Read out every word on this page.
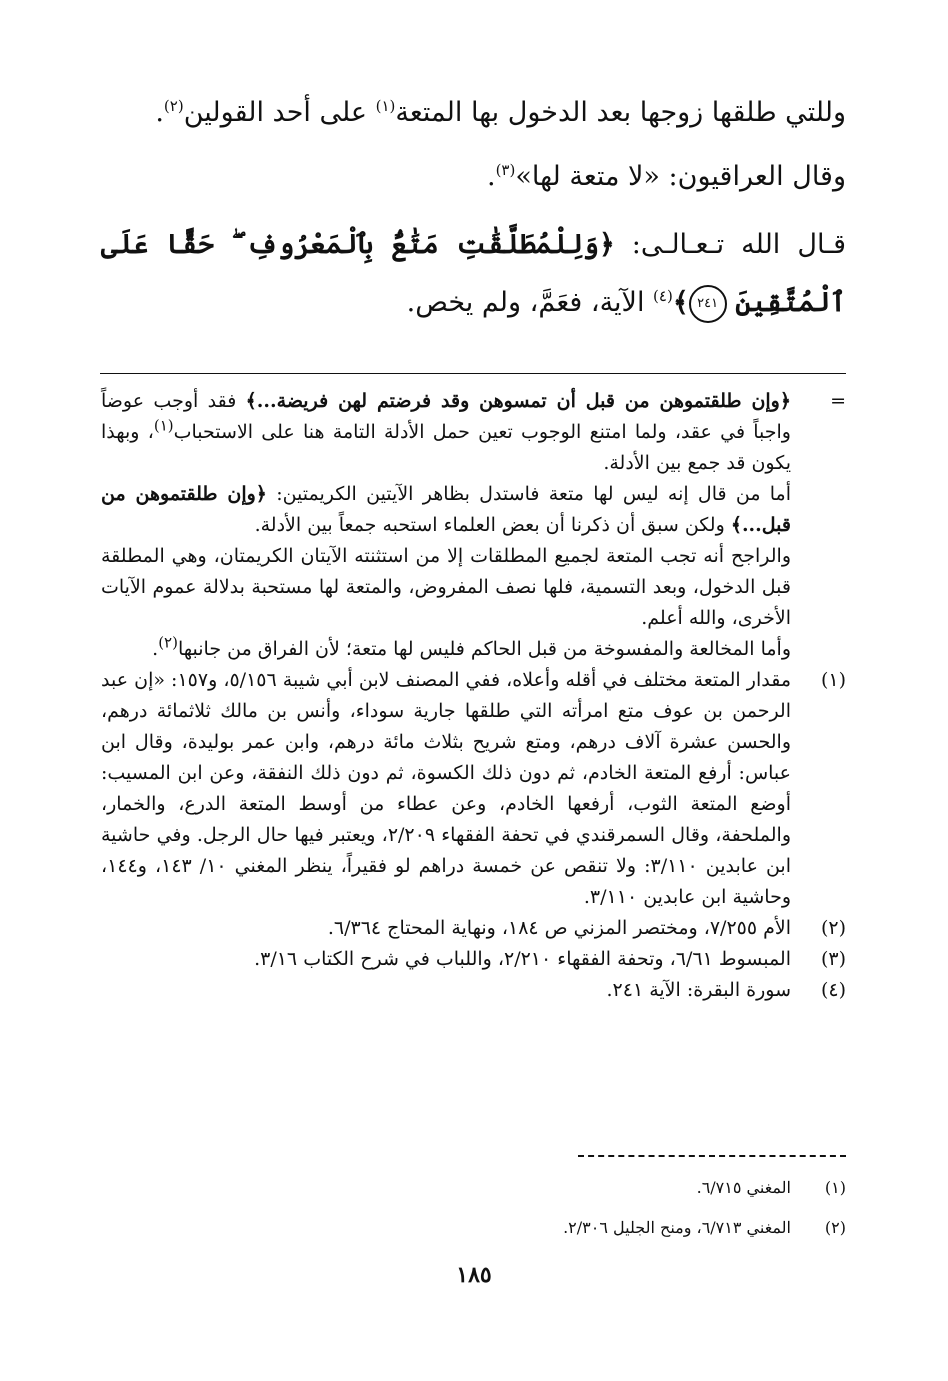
وللتي طلقها زوجها بعد الدخول بها المتعة$^{(١)}$ على أحد القولين$^{(٢)}$.

وقال العراقيون: «لا متعة لها»$^{(٣)}$.

قـال الله تـعـالـى: ﴿وَلِلْمُطَلَّقَٰتِ مَتَٰعٌۢ بِٱلْمَعْرُوفِ ۖ حَقًّا عَلَى ٱلْمُتَّقِينَ ٢٤١﴾$^{(٤)}$ الآية، فعَمَّ، ولم يخص.

=
﴿وإن طلقتموهن من قبل أن تمسوهن وقد فرضتم لهن فريضة...﴾ فقد أوجب عوضاً واجباً في عقد، ولما امتنع الوجوب تعين حمل الأدلة التامة هنا على الاستحباب$^{(١)}$، وبهذا يكون قد جمع بين الأدلة.
أما من قال إنه ليس لها متعة فاستدل بظاهر الآيتين الكريمتين: ﴿وإن طلقتموهن من قبل...﴾ ولكن سبق أن ذكرنا أن بعض العلماء استحبه جمعاً بين الأدلة.
والراجح أنه تجب المتعة لجميع المطلقات إلا من استثنته الآيتان الكريمتان، وهي المطلقة قبل الدخول، وبعد التسمية، فلها نصف المفروض، والمتعة لها مستحبة بدلالة عموم الآيات الأخرى، والله أعلم.
وأما المخالعة والمفسوخة من قبل الحاكم فليس لها متعة؛ لأن الفراق من جانبها$^{(٢)}$.
(١)
مقدار المتعة مختلف في أقله وأعلاه، ففي المصنف لابن أبي شيبة ٥/١٥٦، و١٥٧: «إن عبد الرحمن بن عوف متع امرأته التي طلقها جارية سوداء، وأنس بن مالك ثلاثمائة درهم، والحسن عشرة آلاف درهم، ومتع شريح بثلاث مائة درهم، وابن عمر بوليدة، وقال ابن عباس: أرفع المتعة الخادم، ثم دون ذلك الكسوة، ثم دون ذلك النفقة، وعن ابن المسيب: أوضع المتعة الثوب، أرفعها الخادم، وعن عطاء من أوسط المتعة الدرع، والخمار، والملحفة، وقال السمرقندي في تحفة الفقهاء ٢/٢٠٩، ويعتبر فيها حال الرجل. وفي حاشية ابن عابدين ٣/١١٠: ولا تنقص عن خمسة دراهم لو فقيراً، ينظر المغني ١٠/ ١٤٣، و١٤٤، وحاشية ابن عابدين ٣/١١٠.
(٢)
الأم ٧/٢٥٥، ومختصر المزني ص ١٨٤، ونهاية المحتاج ٦/٣٦٤.
(٣)
المبسوط ٦/٦١، وتحفة الفقهاء ٢/٢١٠، واللباب في شرح الكتاب ٣/١٦.
(٤)
سورة البقرة: الآية ٢٤١.
(١)
المغني ٦/٧١٥.
(٢)
المغني ٦/٧١٣، ومنح الجليل ٢/٣٠٦.
١٨٥
